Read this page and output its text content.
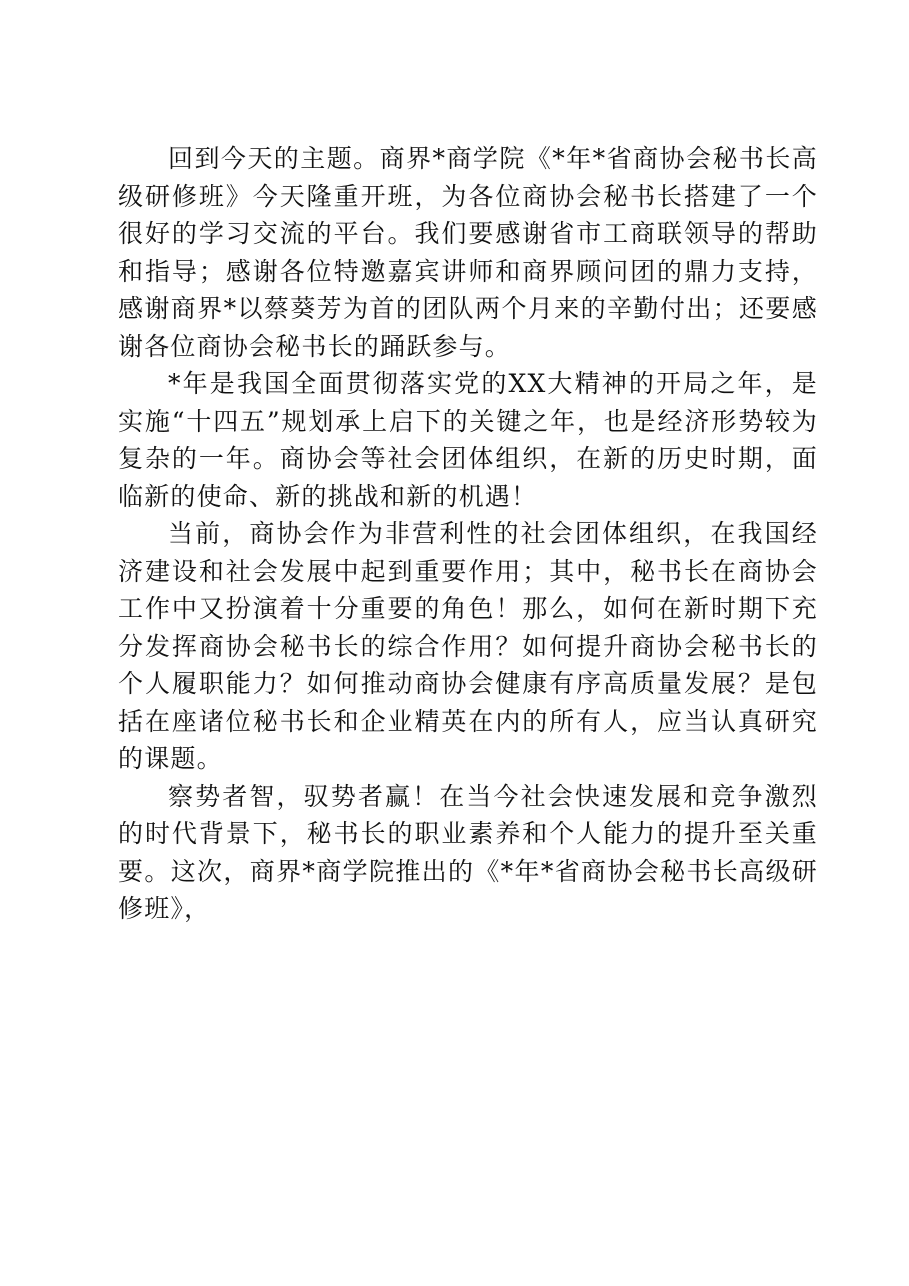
回到今天的主题。商界*商学院《*年*省商协会秘书长高级研修班》今天隆重开班，为各位商协会秘书长搭建了一个很好的学习交流的平台。我们要感谢省市工商联领导的帮助和指导；感谢各位特邀嘉宾讲师和商界顾问团的鼎力支持，感谢商界*以蔡葵芳为首的团队两个月来的辛勤付出；还要感谢各位商协会秘书长的踊跃参与。

*年是我国全面贯彻落实党的XX大精神的开局之年，是实施“十四五”规划承上启下的关键之年，也是经济形势较为复杂的一年。商协会等社会团体组织，在新的历史时期，面临新的使命、新的挑战和新的机遇！

当前，商协会作为非营利性的社会团体组织，在我国经济建设和社会发展中起到重要作用；其中，秘书长在商协会工作中又扮演着十分重要的角色！那么，如何在新时期下充分发挥商协会秘书长的综合作用？如何提升商协会秘书长的个人履职能力？如何推动商协会健康有序高质量发展？是包括在座诸位秘书长和企业精英在内的所有人，应当认真研究的课题。

察势者智，驭势者赢！在当今社会快速发展和竞争激烈的时代背景下，秘书长的职业素养和个人能力的提升至关重要。这次，商界*商学院推出的《*年*省商协会秘书长高级研修班》，
